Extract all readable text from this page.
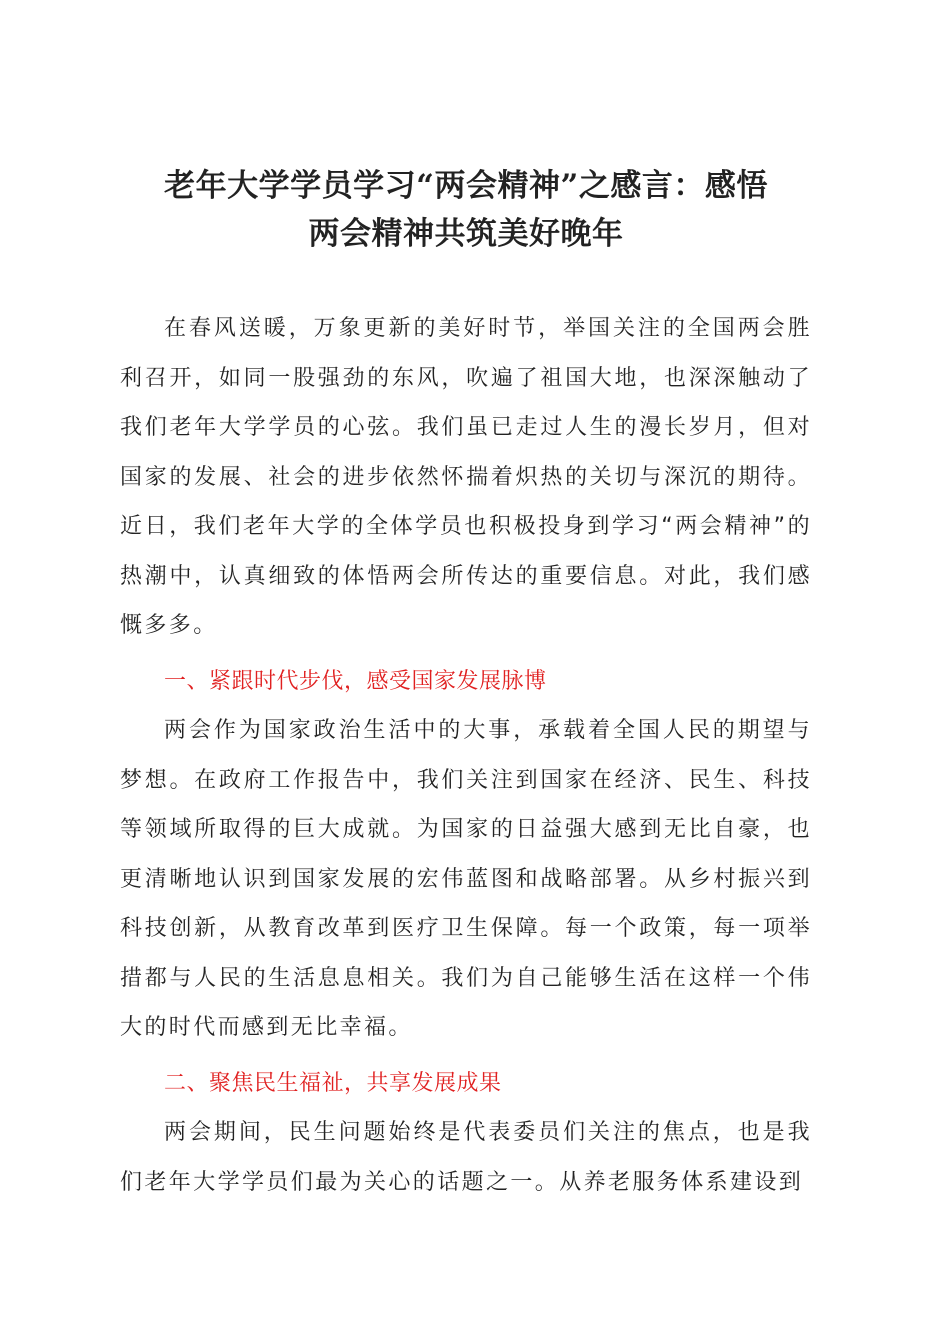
老年大学学员学习“两会精神”之感言：感悟
两会精神共筑美好晚年

在春风送暖，万象更新的美好时节，举国关注的全国两会胜利召开，如同一股强劲的东风，吹遍了祖国大地，也深深触动了我们老年大学学员的心弦。我们虽已走过人生的漫长岁月，但对国家的发展、社会的进步依然怀揣着炽热的关切与深沉的期待。近日，我们老年大学的全体学员也积极投身到学习“两会精神”的热潮中，认真细致的体悟两会所传达的重要信息。对此，我们感慨多多。

一、紧跟时代步伐，感受国家发展脉博

两会作为国家政治生活中的大事，承载着全国人民的期望与梦想。在政府工作报告中，我们关注到国家在经济、民生、科技等领域所取得的巨大成就。为国家的日益强大感到无比自豪，也更清晰地认识到国家发展的宏伟蓝图和战略部署。从乡村振兴到科技创新，从教育改革到医疗卫生保障。每一个政策，每一项举措都与人民的生活息息相关。我们为自己能够生活在这样一个伟大的时代而感到无比幸福。

二、聚焦民生福祉，共享发展成果

两会期间，民生问题始终是代表委员们关注的焦点，也是我们老年大学学员们最为关心的话题之一。从养老服务体系建设到
